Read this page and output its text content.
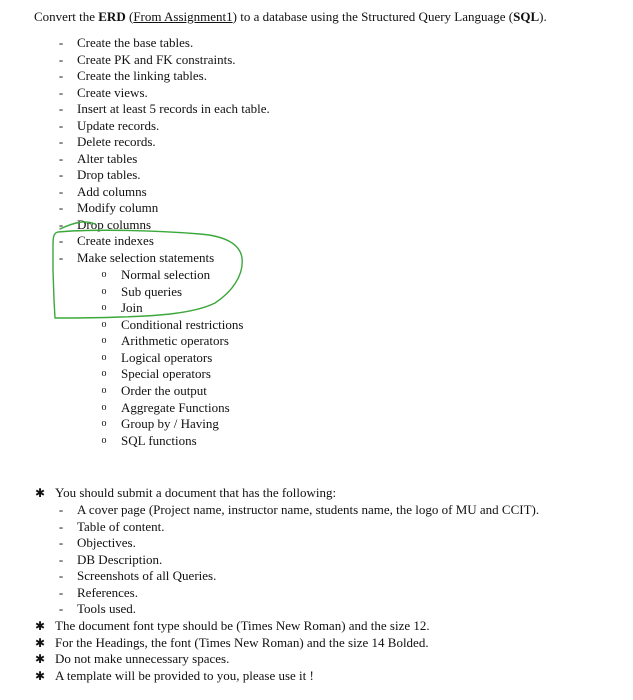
Convert the ERD (From Assignment1) to a database using the Structured Query Language (SQL).
- Create the base tables.
- Create PK and FK constraints.
- Create the linking tables.
- Create views.
- Insert at least 5 records in each table.
- Update records.
- Delete records.
- Alter tables
- Drop tables.
- Add columns
- Modify column
- Drop columns
- Create indexes
- Make selection statements
o Normal selection
o Sub queries
o Join
o Conditional restrictions
o Arithmetic operators
o Logical operators
o Special operators
o Order the output
o Aggregate Functions
o Group by / Having
o SQL functions
✱ You should submit a document that has the following:
- A cover page (Project name, instructor name, students name, the logo of MU and CCIT).
- Table of content.
- Objectives.
- DB Description.
- Screenshots of all Queries.
- References.
- Tools used.
✱ The document font type should be (Times New Roman) and the size 12.
✱ For the Headings, the font (Times New Roman) and the size 14 Bolded.
✱ Do not make unnecessary spaces.
✱ A template will be provided to you, please use it !
